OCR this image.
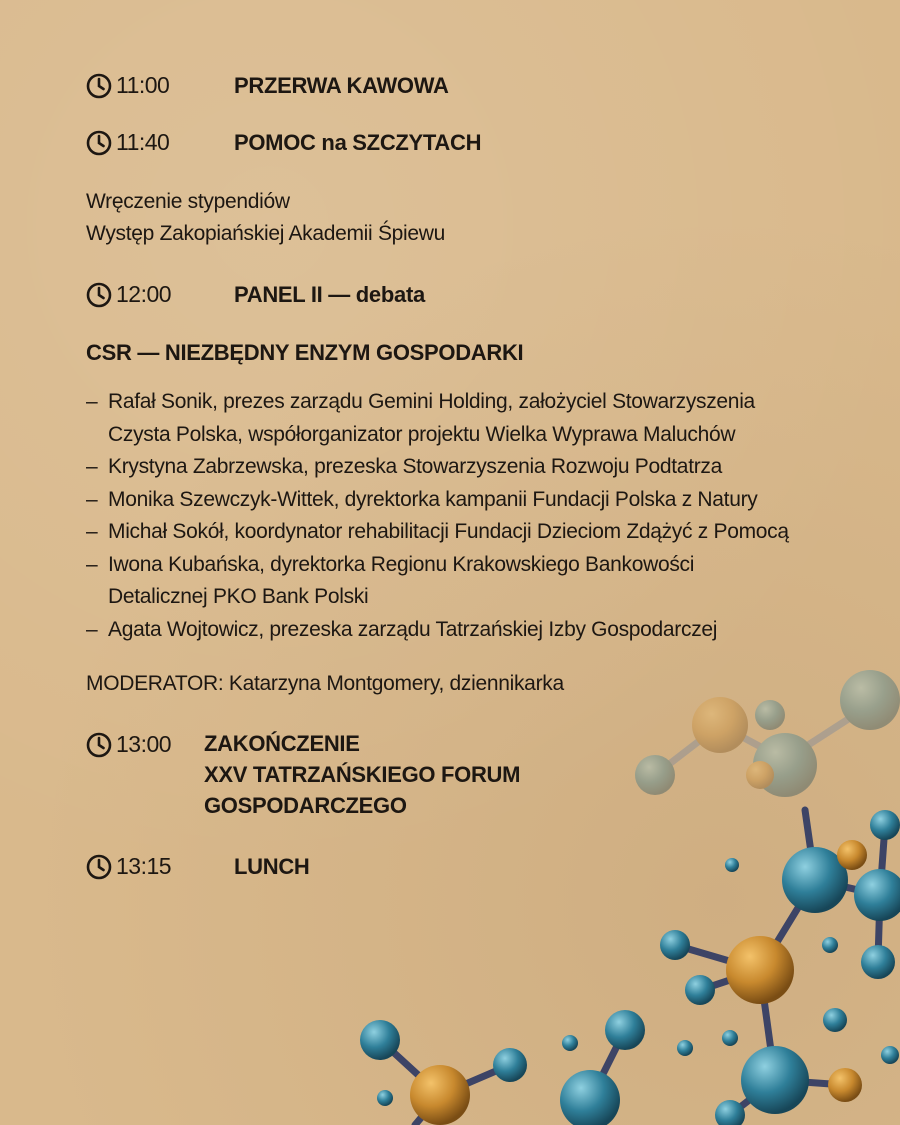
11:00	PRZERWA KAWOWA
11:40	POMOC na SZCZYTACH
Wręczenie stypendiów
Występ Zakopiańskiej Akademii Śpiewu
12:00	PANEL II — debata
CSR — NIEZBĘDNY ENZYM GOSPODARKI
– Rafał Sonik, prezes zarządu Gemini Holding, założyciel Stowarzyszenia
Czysta Polska, współorganizator projektu Wielka Wyprawa Maluchów
– Krystyna Zabrzewska, prezeska Stowarzyszenia Rozwoju Podtatrza
– Monika Szewczyk-Wittek, dyrektorka kampanii Fundacji Polska z Natury
– Michał Sokół, koordynator rehabilitacji Fundacji Dzieciom Zdążyć z Pomocą
– Iwona Kubańska, dyrektorka Regionu Krakowskiego Bankowości
Detalicznej PKO Bank Polski
– Agata Wojtowicz, prezeska zarządu Tatrzańskiej Izby Gospodarczej
MODERATOR: Katarzyna Montgomery, dziennikarka
13:00	ZAKOŃCZENIE
XXV TATRZAŃSKIEGO FORUM
GOSPODARCZEGO
13:15	LUNCH
